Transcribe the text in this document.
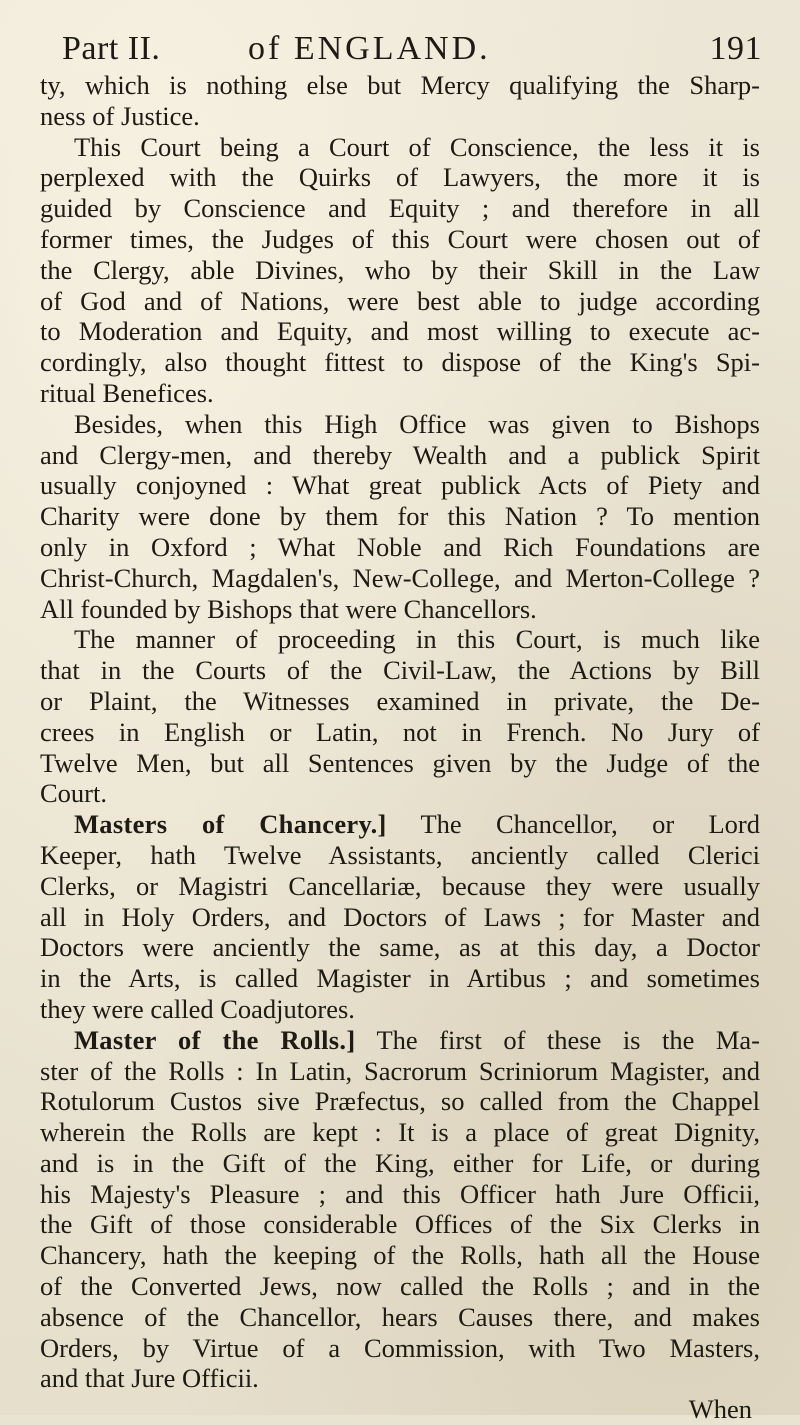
Part II.	of ENGLAND.	191
ty, which is nothing else but Mercy qualifying the Sharp-
ness of Justice.
This Court being a Court of Conscience, the less it is
perplexed with the Quirks of Lawyers, the more it is
guided by Conscience and Equity ; and therefore in all
former times, the Judges of this Court were chosen out of
the Clergy, able Divines, who by their Skill in the Law
of God and of Nations, were best able to judge according
to Moderation and Equity, and most willing to execute ac-
cordingly, also thought fittest to dispose of the King's Spi-
ritual Benefices.
Besides, when this High Office was given to Bishops
and Clergy-men, and thereby Wealth and a publick Spirit
usually conjoyned : What great publick Acts of Piety and
Charity were done by them for this Nation ? To mention
only in Oxford ; What Noble and Rich Foundations are
Christ-Church, Magdalen's, New-College, and Merton-College ?
All founded by Bishops that were Chancellors.
The manner of proceeding in this Court, is much like
that in the Courts of the Civil-Law, the Actions by Bill
or Plaint, the Witnesses examined in private, the De-
crees in English or Latin, not in French. No Jury of
Twelve Men, but all Sentences given by the Judge of the
Court.
Masters of Chancery.] The Chancellor, or Lord
Keeper, hath Twelve Assistants, anciently called Clerici
Clerks, or Magistri Cancellariæ, because they were usually
all in Holy Orders, and Doctors of Laws ; for Master and
Doctors were anciently the same, as at this day, a Doctor
in the Arts, is called Magister in Artibus ; and sometimes
they were called Coadjutores.
Master of the Rolls.] The first of these is the Ma-
ster of the Rolls : In Latin, Sacrorum Scriniorum Magister, and
Rotulorum Custos sive Præfectus, so called from the Chappel
wherein the Rolls are kept : It is a place of great Dignity,
and is in the Gift of the King, either for Life, or during
his Majesty's Pleasure ; and this Officer hath Jure Officii,
the Gift of those considerable Offices of the Six Clerks in
Chancery, hath the keeping of the Rolls, hath all the House
of the Converted Jews, now called the Rolls ; and in the
absence of the Chancellor, hears Causes there, and makes
Orders, by Virtue of a Commission, with Two Masters,
and that Jure Officii.
When
